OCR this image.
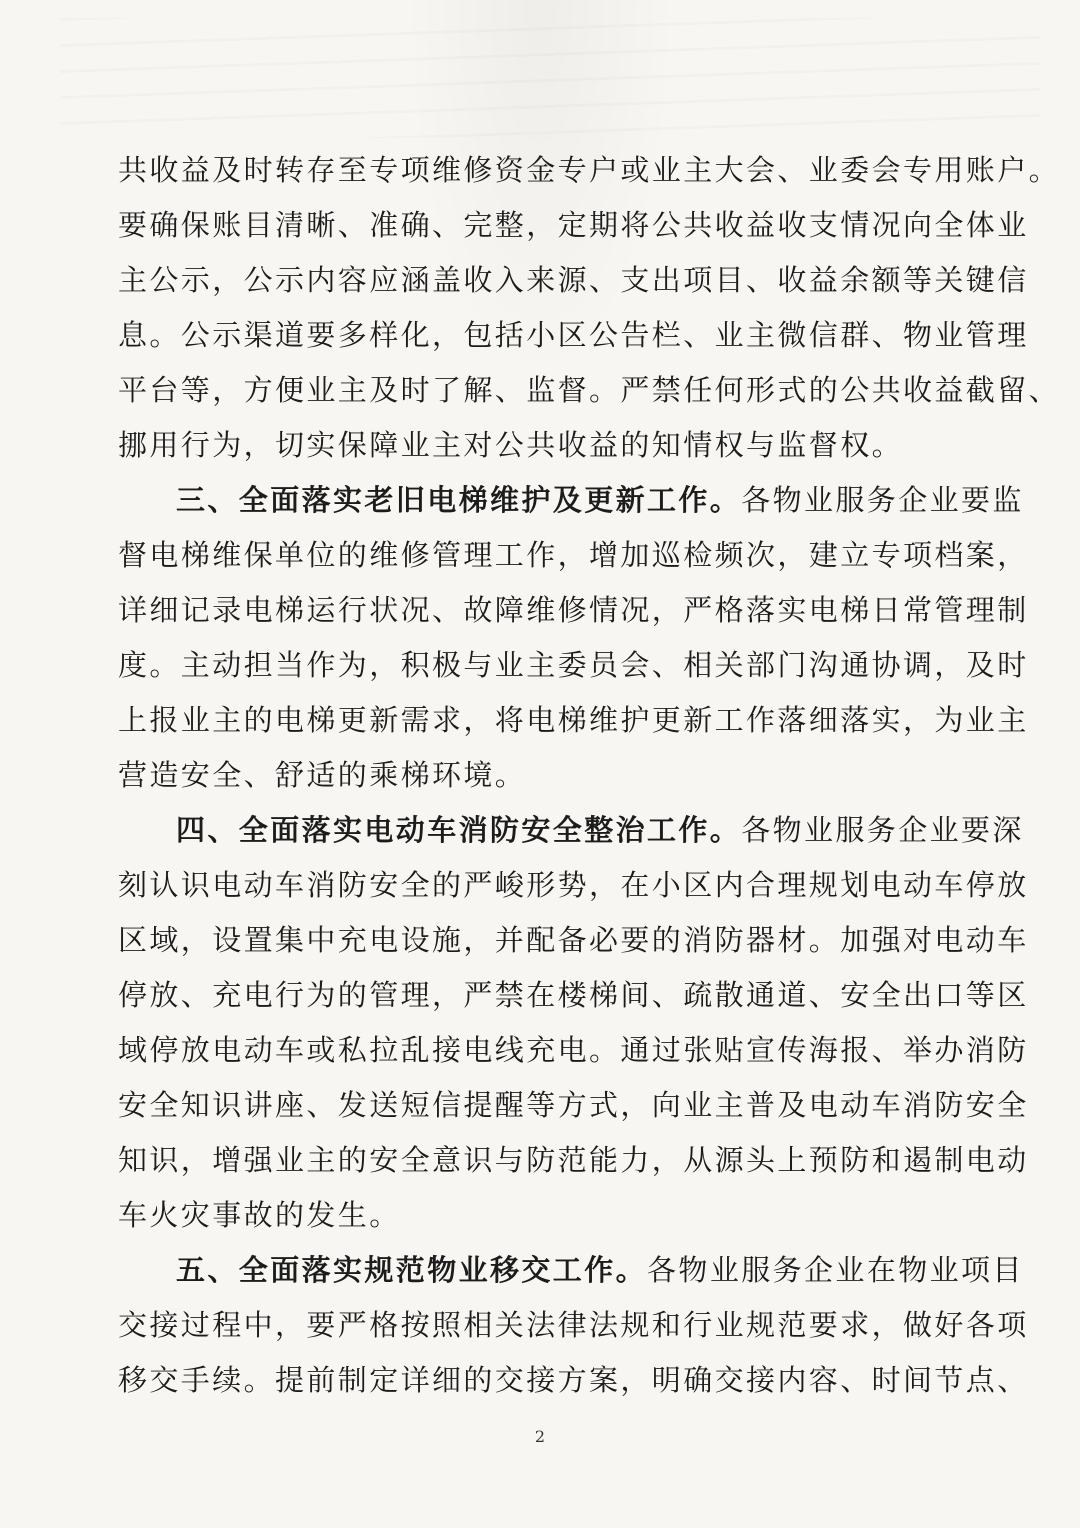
共收益及时转存至专项维修资金专户或业主大会、业委会专用账户。
要确保账目清晰、准确、完整，定期将公共收益收支情况向全体业
主公示，公示内容应涵盖收入来源、支出项目、收益余额等关键信
息。公示渠道要多样化，包括小区公告栏、业主微信群、物业管理
平台等，方便业主及时了解、监督。严禁任何形式的公共收益截留、
挪用行为，切实保障业主对公共收益的知情权与监督权。
三、全面落实老旧电梯维护及更新工作。各物业服务企业要监
督电梯维保单位的维修管理工作，增加巡检频次，建立专项档案，
详细记录电梯运行状况、故障维修情况，严格落实电梯日常管理制
度。主动担当作为，积极与业主委员会、相关部门沟通协调，及时
上报业主的电梯更新需求，将电梯维护更新工作落细落实，为业主
营造安全、舒适的乘梯环境。
四、全面落实电动车消防安全整治工作。各物业服务企业要深
刻认识电动车消防安全的严峻形势，在小区内合理规划电动车停放
区域，设置集中充电设施，并配备必要的消防器材。加强对电动车
停放、充电行为的管理，严禁在楼梯间、疏散通道、安全出口等区
域停放电动车或私拉乱接电线充电。通过张贴宣传海报、举办消防
安全知识讲座、发送短信提醒等方式，向业主普及电动车消防安全
知识，增强业主的安全意识与防范能力，从源头上预防和遏制电动
车火灾事故的发生。
五、全面落实规范物业移交工作。各物业服务企业在物业项目
交接过程中，要严格按照相关法律法规和行业规范要求，做好各项
移交手续。提前制定详细的交接方案，明确交接内容、时间节点、
2
